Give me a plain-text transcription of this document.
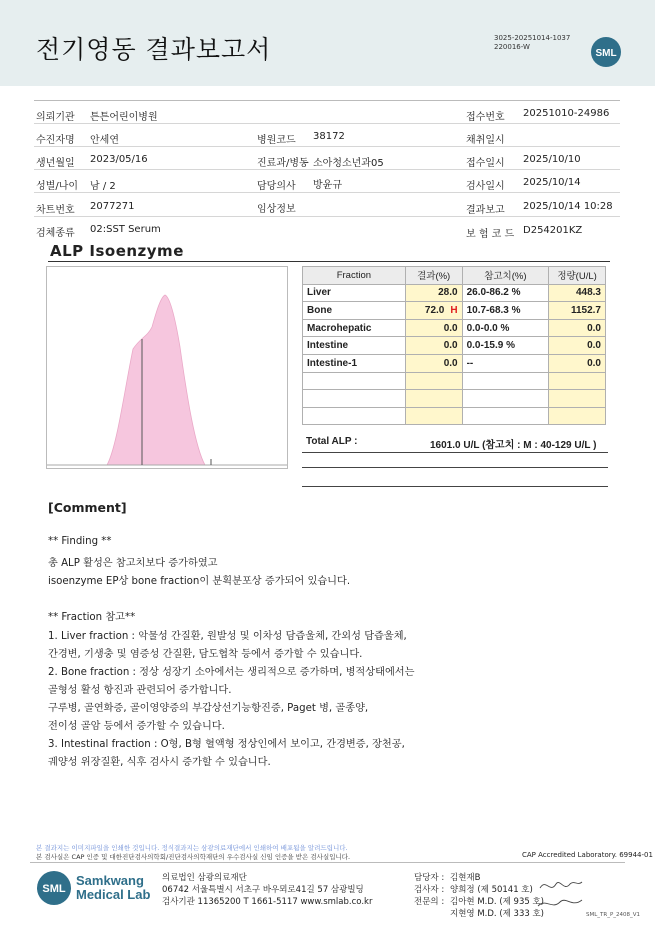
전기영동 결과보고서	3025-20251014-1037
220016-W
SML
의뢰기관 튼튼어린이병원	접수번호 20251010-24986
수진자명 안세연	병원코드 38172	채취일시
생년월일 2023/05/16	진료과/병동 소아청소년과05	접수일시 2025/10/10
성별/나이 남 / 2	담당의사 방윤규	검사일시 2025/10/14
차트번호 2077271	임상정보	결과보고 2025/10/14 10:28
검체종류 02:SST Serum	보 험 코 드 D254201KZ
ALP Isoenzyme
Fraction	결과(%)	참고치(%)	정량(U/L)
Liver	28.0	26.0-86.2 %	448.3
Bone	72.0 H	10.7-68.3 %	1152.7
Macrohepatic	0.0	0.0-0.0 %	0.0
Intestine	0.0	0.0-15.9 %	0.0
Intestine-1	0.0	--	0.0

Total ALP :	1601.0 U/L (참고치 : M : 40-129 U/L )
[Comment]
** Finding **
총 ALP 활성은 참고치보다 증가하였고
isoenzyme EP상 bone fraction이 분획분포상 증가되어 있습니다.
** Fraction 참고**
1. Liver fraction : 악물성 간질환, 원발성 및 이차성 담즙울체, 간외성 담즙울체,
간경변, 기생충 및 염증성 간질환, 담도협착 등에서 증가할 수 있습니다.
2. Bone fraction : 정상 성장기 소아에서는 생리적으로 증가하며, 병적상태에서는
골형성 활성 항진과 관련되어 증가합니다.
구루병, 골연화증, 골이영양증의 부갑상선기능항진증, Paget 병, 골종양,
전이성 골암 등에서 증가할 수 있습니다.
3. Intestinal fraction : O형, B형 혈액형 정상인에서 보이고, 간경변증, 장천공,
궤양성 위장질환, 식후 검사시 증가할 수 있습니다.
본 결과지는 이미지파일을 인쇄한 것입니다. 정식결과지는 삼광의료재단에서 인쇄하여 배포됨을 알려드립니다.
본 검사실은 CAP 인증 및 대한진단검사의학회/진단검사의학재단의 우수검사실 신임 인증을 받은 검사실입니다.	CAP Accredited Laboratory. 69944-01
SML
Samkwang
Medical Lab
의료법인 삼광의료재단
06742 서울특별시 서초구 바우뫼로41길 57 삼광빌딩
검사기관 11365200 T 1661-5117 www.smlab.co.kr
담당자 : 김현재B
검사자 : 양희정 (제 50141 호)
전문의 : 김아현 M.D. (제 935 호)
지현영 M.D. (제 333 호)	SML_TR_P_2408_V1
